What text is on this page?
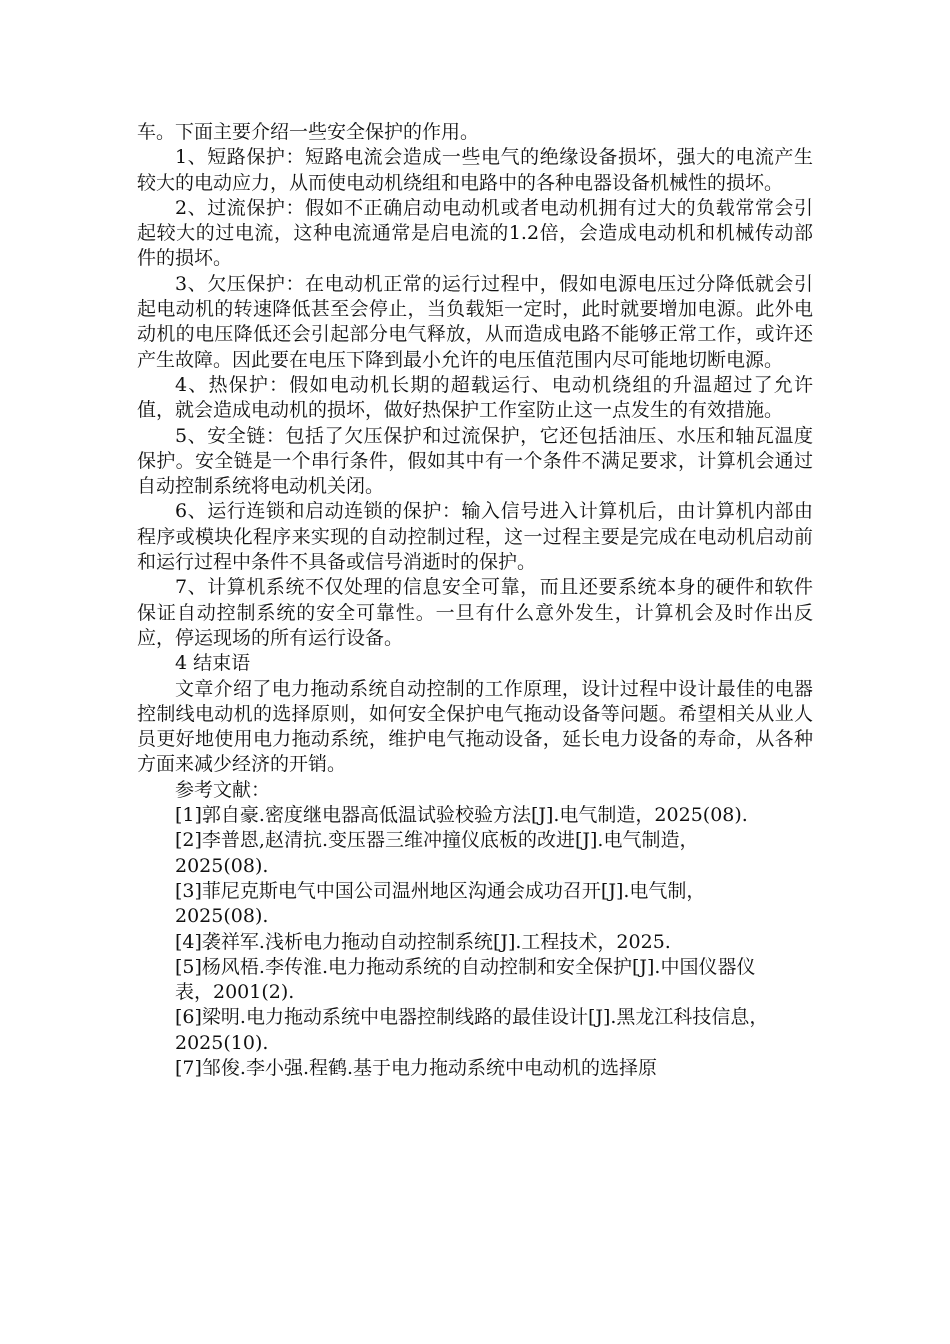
车。下面主要介绍一些安全保护的作用。

1、短路保护：短路电流会造成一些电气的绝缘设备损坏，强大的电流产生较大的电动应力，从而使电动机绕组和电路中的各种电器设备机械性的损坏。

2、过流保护：假如不正确启动电动机或者电动机拥有过大的负载常常会引起较大的过电流，这种电流通常是启电流的1.2倍，会造成电动机和机械传动部件的损坏。

3、欠压保护：在电动机正常的运行过程中，假如电源电压过分降低就会引起电动机的转速降低甚至会停止，当负载矩一定时，此时就要增加电源。此外电动机的电压降低还会引起部分电气释放，从而造成电路不能够正常工作，或许还产生故障。因此要在电压下降到最小允许的电压值范围内尽可能地切断电源。

4、热保护：假如电动机长期的超载运行、电动机绕组的升温超过了允许值，就会造成电动机的损坏，做好热保护工作室防止这一点发生的有效措施。

5、安全链：包括了欠压保护和过流保护，它还包括油压、水压和轴瓦温度保护。安全链是一个串行条件，假如其中有一个条件不满足要求，计算机会通过自动控制系统将电动机关闭。

6、运行连锁和启动连锁的保护：输入信号进入计算机后，由计算机内部由程序或模块化程序来实现的自动控制过程，这一过程主要是完成在电动机启动前和运行过程中条件不具备或信号消逝时的保护。

7、计算机系统不仅处理的信息安全可靠，而且还要系统本身的硬件和软件保证自动控制系统的安全可靠性。一旦有什么意外发生，计算机会及时作出反应，停运现场的所有运行设备。

4 结束语

文章介绍了电力拖动系统自动控制的工作原理，设计过程中设计最佳的电器控制线电动机的选择原则，如何安全保护电气拖动设备等问题。希望相关从业人员更好地使用电力拖动系统，维护电气拖动设备，延长电力设备的寿命，从各种方面来减少经济的开销。

参考文献：

[1]郭自豪.密度继电器高低温试验校验方法[J].电气制造，2025(08).
[2]李普恩,赵清抗.变压器三维冲撞仪底板的改进[J].电气制造，2025(08).
[3]菲尼克斯电气中国公司温州地区沟通会成功召开[J].电气制，2025(08).
[4]袭祥军.浅析电力拖动自动控制系统[J].工程技术，2025.
[5]杨风梧.李传淮.电力拖动系统的自动控制和安全保护[J].中国仪器仪表，2001(2).
[6]梁明.电力拖动系统中电器控制线路的最佳设计[J].黑龙江科技信息，2025(10).
[7]邹俊.李小强.程鹤.基于电力拖动系统中电动机的选择原
